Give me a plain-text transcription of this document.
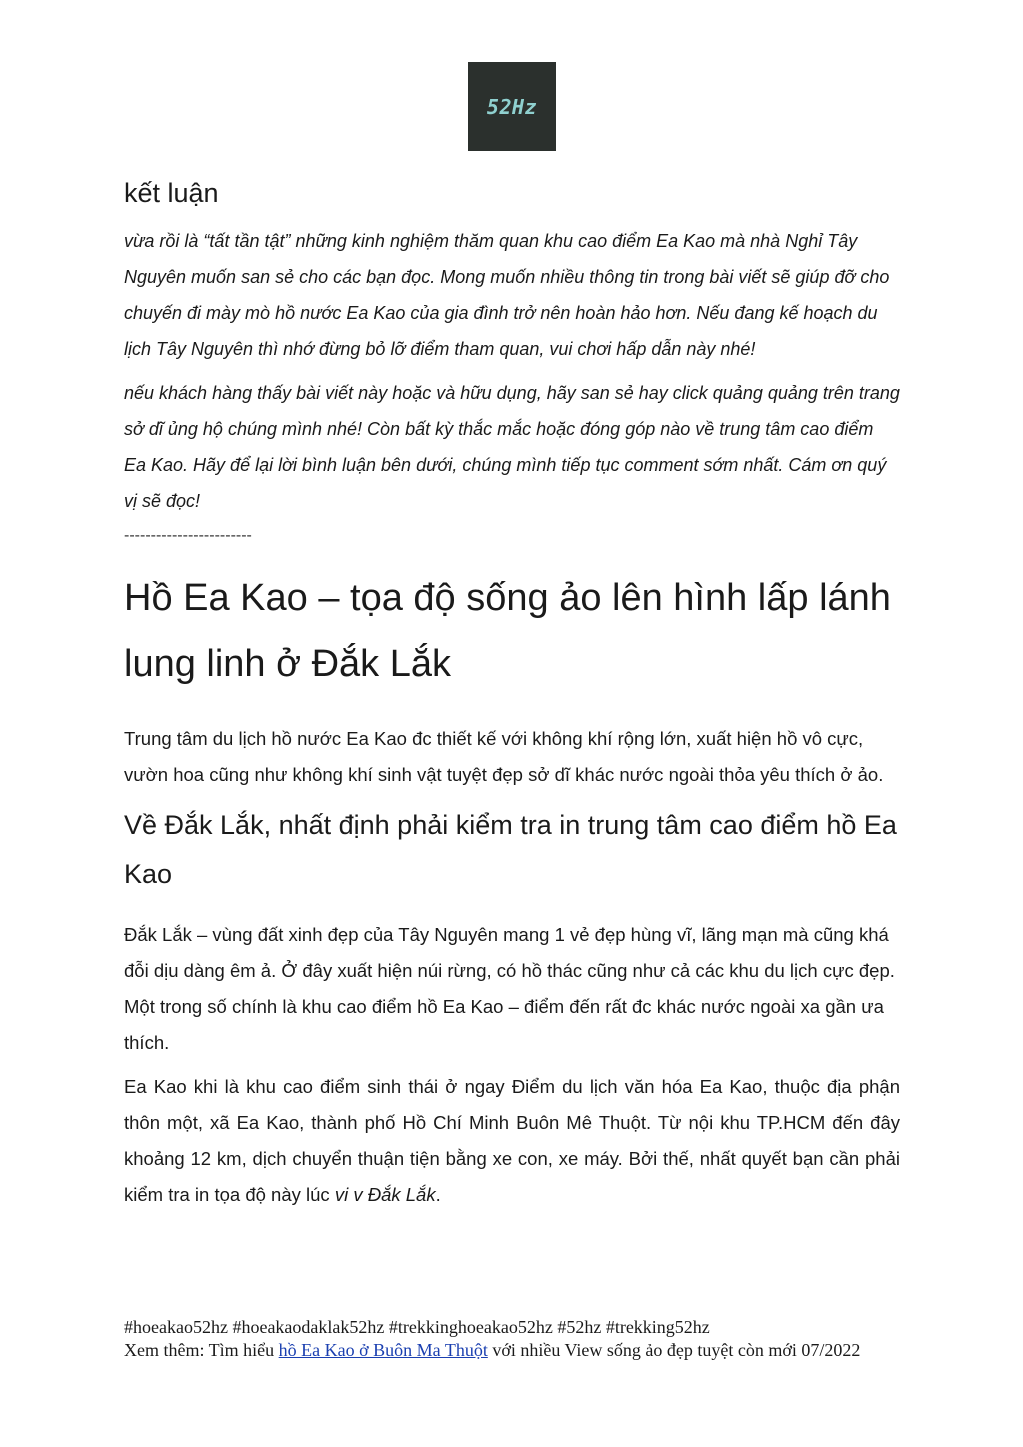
52Hz
kết luận

vừa rồi là “tất tần tật” những kinh nghiệm thăm quan khu cao điểm Ea Kao mà nhà Nghỉ Tây Nguyên muốn san sẻ cho các bạn đọc. Mong muốn nhiều thông tin trong bài viết sẽ giúp đỡ cho chuyến đi mày mò hồ nước Ea Kao của gia đình trở nên hoàn hảo hơn. Nếu đang kế hoạch du lịch Tây Nguyên thì nhớ đừng bỏ lỡ điểm tham quan, vui chơi hấp dẫn này nhé!

nếu khách hàng thấy bài viết này hoặc và hữu dụng, hãy san sẻ hay click quảng quảng trên trang sở dĩ ủng hộ chúng mình nhé! Còn bất kỳ thắc mắc hoặc đóng góp nào về trung tâm cao điểm Ea Kao. Hãy để lại lời bình luận bên dưới, chúng mình tiếp tục comment sớm nhất. Cám ơn quý vị sẽ đọc!

------------------------
Hồ Ea Kao – tọa độ sống ảo lên hình lấp lánh lung linh ở Đắk Lắk

Trung tâm du lịch hồ nước Ea Kao đc thiết kế với không khí rộng lớn, xuất hiện hồ vô cực, vườn hoa cũng như không khí sinh vật tuyệt đẹp sở dĩ khác nước ngoài thỏa yêu thích ở ảo.

Về Đắk Lắk, nhất định phải kiểm tra in trung tâm cao điểm hồ Ea Kao

Đắk Lắk – vùng đất xinh đẹp của Tây Nguyên mang 1 vẻ đẹp hùng vĩ, lãng mạn mà cũng khá đỗi dịu dàng êm ả. Ở đây xuất hiện núi rừng, có hồ thác cũng như cả các khu du lịch cực đẹp. Một trong số chính là khu cao điểm hồ Ea Kao – điểm đến rất đc khác nước ngoài xa gần ưa thích.

Ea Kao khi là khu cao điểm sinh thái ở ngay Điểm du lịch văn hóa Ea Kao, thuộc địa phận thôn một, xã Ea Kao, thành phố Hồ Chí Minh Buôn Mê Thuột. Từ nội khu TP.HCM đến đây khoảng 12 km, dịch chuyển thuận tiện bằng xe con, xe máy. Bởi thế, nhất quyết bạn cần phải kiểm tra in tọa độ này lúc vi v Đắk Lắk.

#hoeakao52hz #hoeakaodaklak52hz #trekkinghoeakao52hz #52hz #trekking52hz
Xem thêm: Tìm hiểu hồ Ea Kao ở Buôn Ma Thuột với nhiều View sống ảo đẹp tuyệt còn mới 07/2022
